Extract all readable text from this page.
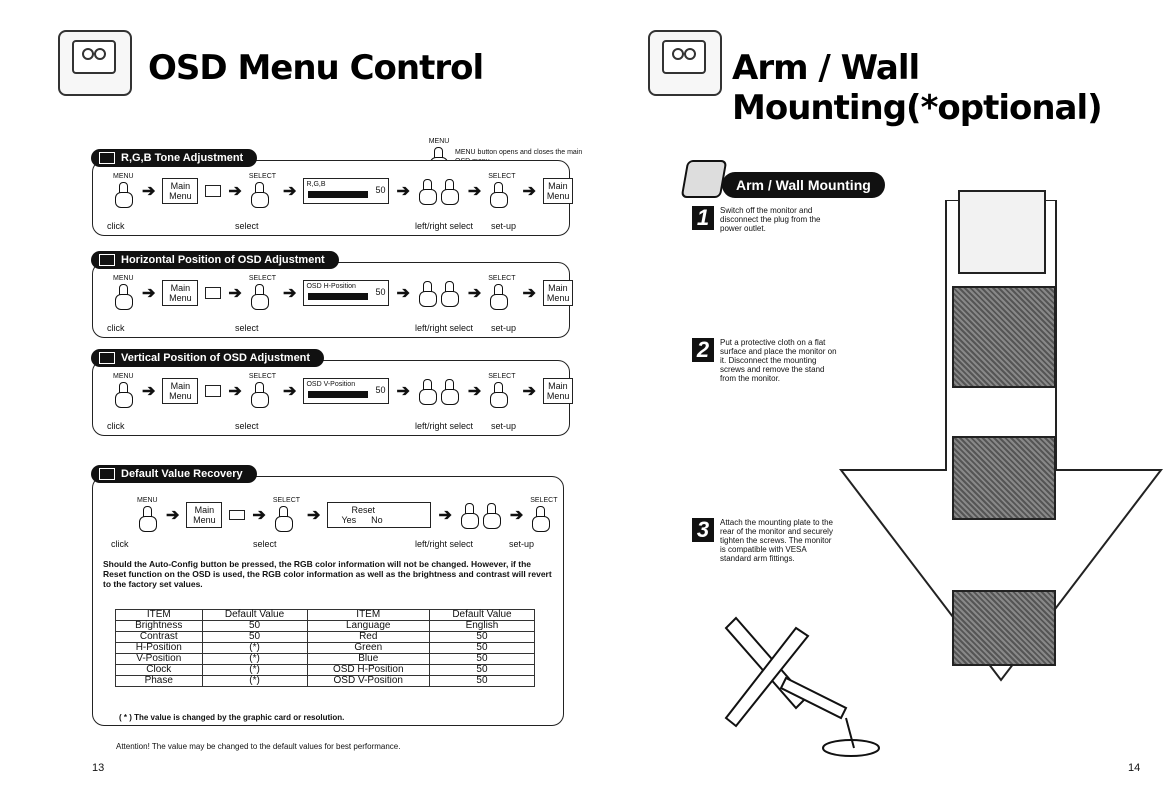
OSD Menu Control
MENU
MENU button opens and closes the main
R,G,B Tone Adjustment
MENU
➔	Main Menu	➔
SELECT
➔	R,G,B
50 ➔	➔
SELECT
➔	Main Menu
click	select	left/right select set-up
Horizontal Position of OSD Adjustment
MENU
➔	Main Menu	➔
SELECT
➔	OSD H-Position
50 ➔	➔
SELECT
➔	Main Menu
click	select	left/right select set-up
Vertical Position of OSD Adjustment
MENU
➔	Main Menu	➔
SELECT
➔	OSD V-Position
50 ➔	➔
SELECT
➔	Main Menu
click	select	left/right select set-up
Default Value Recovery
MENU
➔	Main Menu	➔
SELECT
➔	Reset
Yes No	➔	➔
SELECT
click	select	left/right select	set-up
Should the Auto-Config button be pressed, the RGB color information will not be changed. However, if the Reset function on the OSD is used, the RGB color information as well as the brightness and contrast will revert to the factory set values.
ITEM	Default Value	ITEM	Default Value
Brightness	50	Language	English
Contrast	50	Red	50
H-Position	(*)	Green	50
V-Position	(*)	Blue	50
Clock	(*)	OSD H-Position	50
Phase	(*)	OSD V-Position	50
( * ) The value is changed by the graphic card or resolution.
Attention! The value may be changed to the default values for best performance.
13
Arm / Wall Mounting(*optional)
Arm / Wall Mounting
1	Switch off the monitor and disconnect the plug from the power outlet.
2	Put a protective cloth on a flat surface and place the monitor on it. Disconnect the mounting screws and remove the stand from the monitor.
3	Attach the mounting plate to the rear of the monitor and securely tighten the screws. The monitor is compatible with VESA standard arm fittings.
14
